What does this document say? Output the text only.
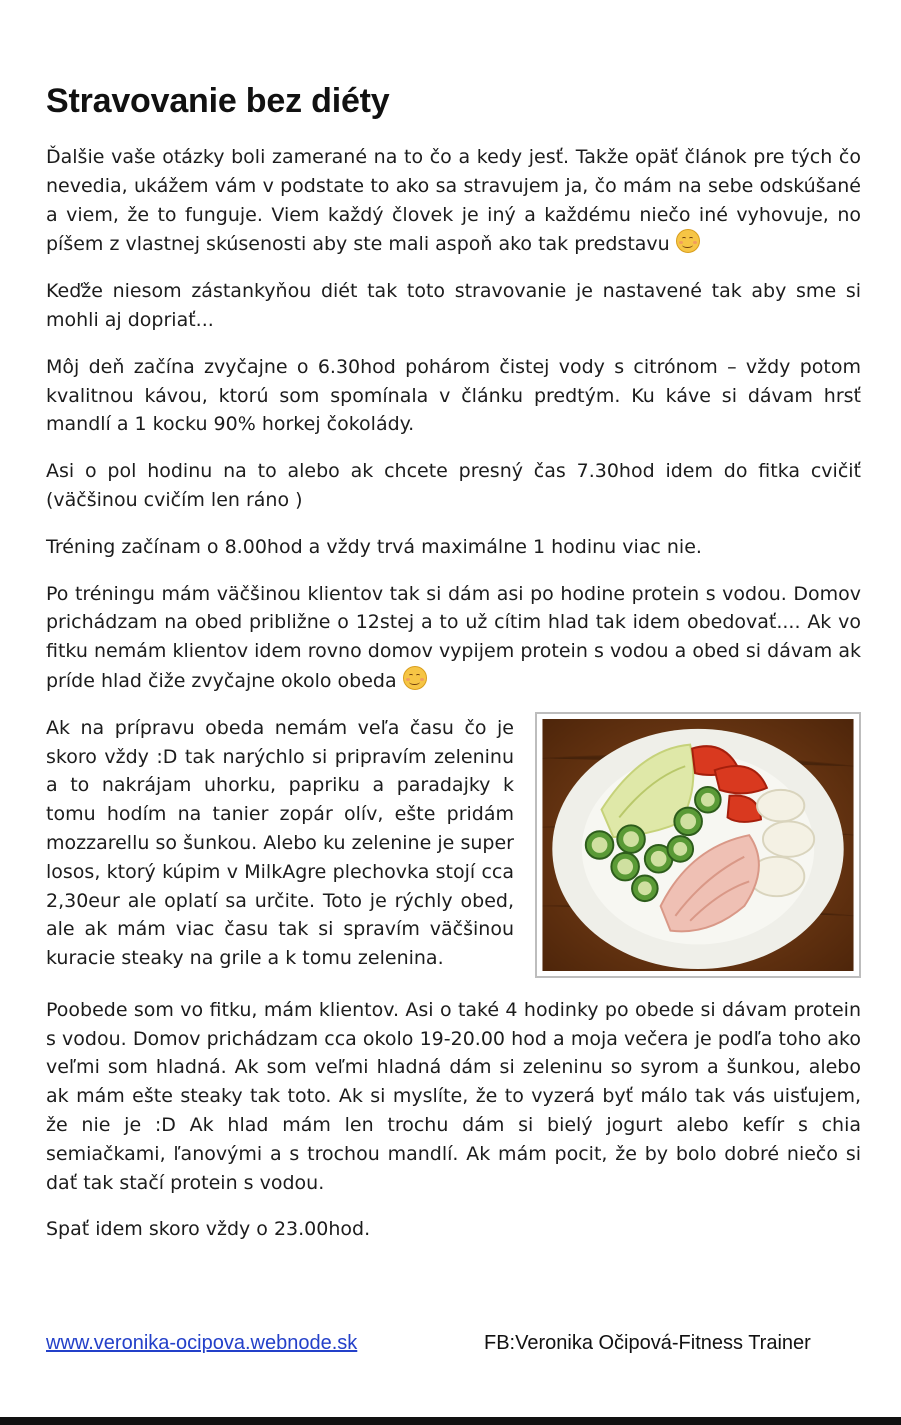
Stravovanie bez diéty

Ďalšie vaše otázky boli zamerané na to čo a kedy jesť. Takže opäť článok pre tých čo nevedia, ukážem vám v podstate to ako sa stravujem ja, čo mám na sebe odskúšané a viem, že to funguje. Viem každý človek je iný a každému niečo iné vyhovuje, no píšem z vlastnej skúsenosti aby ste mali aspoň ako tak predstavu

Keďže niesom zástankyňou diét tak toto stravovanie je nastavené tak aby sme si mohli aj dopriať...

Môj deň začína zvyčajne o 6.30hod pohárom čistej vody s citrónom – vždy potom kvalitnou kávou, ktorú som spomínala v článku predtým. Ku káve si dávam hrsť mandlí a 1 kocku 90% horkej čokolády.

Asi o pol hodinu na to alebo ak chcete presný čas 7.30hod idem do fitka cvičiť (väčšinou cvičím len ráno )

Tréning začínam o 8.00hod a vždy trvá maximálne 1 hodinu viac nie.

Po tréningu mám väčšinou klientov tak si dám asi po hodine protein s vodou. Domov prichádzam na obed približne o 12stej a to už cítim hlad tak idem obedovať.... Ak vo fitku nemám klientov idem rovno domov vypijem protein s vodou a obed si dávam ak príde hlad čiže zvyčajne okolo obeda

Ak na prípravu obeda nemám veľa času čo je skoro vždy :D tak narýchlo si pripravím zeleninu a to nakrájam uhorku, papriku a paradajky k tomu hodím na tanier zopár olív, ešte pridám mozzarellu so šunkou. Alebo ku zelenine je super losos, ktorý kúpim v MilkAgre plechovka stojí cca 2,30eur ale oplatí sa určite. Toto je rýchly obed, ale ak mám viac času tak si spravím väčšinou kuracie steaky na grile a k tomu zelenina.

Poobede som vo fitku, mám klientov. Asi o také 4 hodinky po obede si dávam protein s vodou. Domov prichádzam cca okolo 19-20.00 hod a moja večera je podľa toho ako veľmi som hladná. Ak som veľmi hladná dám si zeleninu so syrom a šunkou, alebo ak mám ešte steaky tak toto. Ak si myslíte, že to vyzerá byť málo tak vás uisťujem, že nie je :D Ak hlad mám len trochu dám si bielý jogurt alebo kefír s chia semiačkami, ľanovými a s trochou mandlí. Ak mám pocit, že by bolo dobré niečo si dať tak stačí protein s vodou.

Spať idem skoro vždy o 23.00hod.

www.veronika-ocipova.webnode.sk	FB:Veronika Očipová-Fitness Trainer
